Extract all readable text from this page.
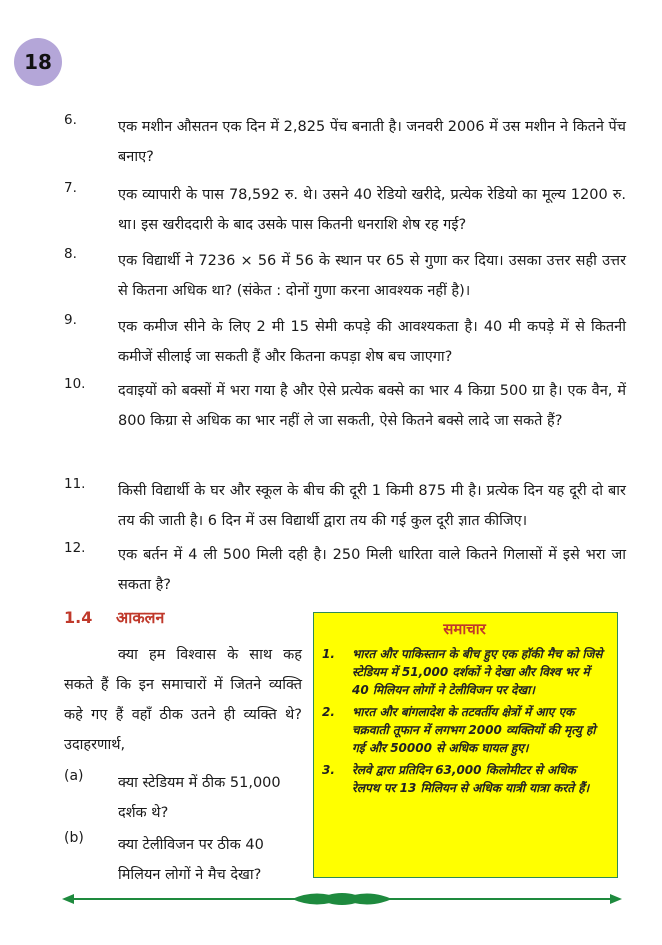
18
6.	एक मशीन औसतन एक दिन में 2,825 पेंच बनाती है। जनवरी 2006 में उस मशीन ने कितने पेंच बनाए?
7.	एक व्यापारी के पास 78,592 रु. थे। उसने 40 रेडियो खरीदे, प्रत्येक रेडियो का मूल्य 1200 रु. था। इस खरीददारी के बाद उसके पास कितनी धनराशि शेष रह गई?
8.	एक विद्यार्थी ने 7236 × 56 में 56 के स्थान पर 65 से गुणा कर दिया। उसका उत्तर सही उत्तर से कितना अधिक था? (संकेत : दोनों गुणा करना आवश्यक नहीं है)।
9.	एक कमीज सीने के लिए 2 मी 15 सेमी कपड़े की आवश्यकता है। 40 मी कपड़े में से कितनी कमीजें सीलाई जा सकती हैं और कितना कपड़ा शेष बच जाएगा?
10. दवाइयों को बक्सों में भरा गया है और ऐसे प्रत्येक बक्से का भार 4 किग्रा 500 ग्रा है। एक वैन, में 800 किग्रा से अधिक का भार नहीं ले जा सकती, ऐसे कितने बक्से लादे जा सकते हैं?
11. किसी विद्यार्थी के घर और स्कूल के बीच की दूरी 1 किमी 875 मी है। प्रत्येक दिन यह दूरी दो बार तय की जाती है। 6 दिन में उस विद्यार्थी द्वारा तय की गई कुल दूरी ज्ञात कीजिए।
12. एक बर्तन में 4 ली 500 मिली दही है। 250 मिली धारिता वाले कितने गिलासों में इसे भरा जा सकता है?
1.4 आकलन
क्या हम विश्वास के साथ कह सकते हैं कि इन समाचारों में जितने व्यक्ति कहे गए हैं वहाँ ठीक उतने ही व्यक्ति थे? उदाहरणार्थ,
(a) क्या स्टेडियम में ठीक 51,000 दर्शक थे?
(b) क्या टेलीविजन पर ठीक 40 मिलियन लोगों ने मैच देखा?
समाचार
1. भारत और पाकिस्तान के बीच हुए एक हॉकी मैच को जिसे स्टेडियम में 51,000 दर्शकों ने देखा और विश्व भर में 40 मिलियन लोगों ने टेलीविजन पर देखा।
2. भारत और बांगलादेश के तटवर्तीय क्षेत्रों में आए एक चक्रवाती तूफान में लगभग 2000 व्यक्तियों की मृत्यु हो गई और 50000 से अधिक घायल हुए।
3. रेलवे द्वारा प्रतिदिन 63,000 किलोमीटर से अधिक रेलपथ पर 13 मिलियन से अधिक यात्री यात्रा करते हैं।
